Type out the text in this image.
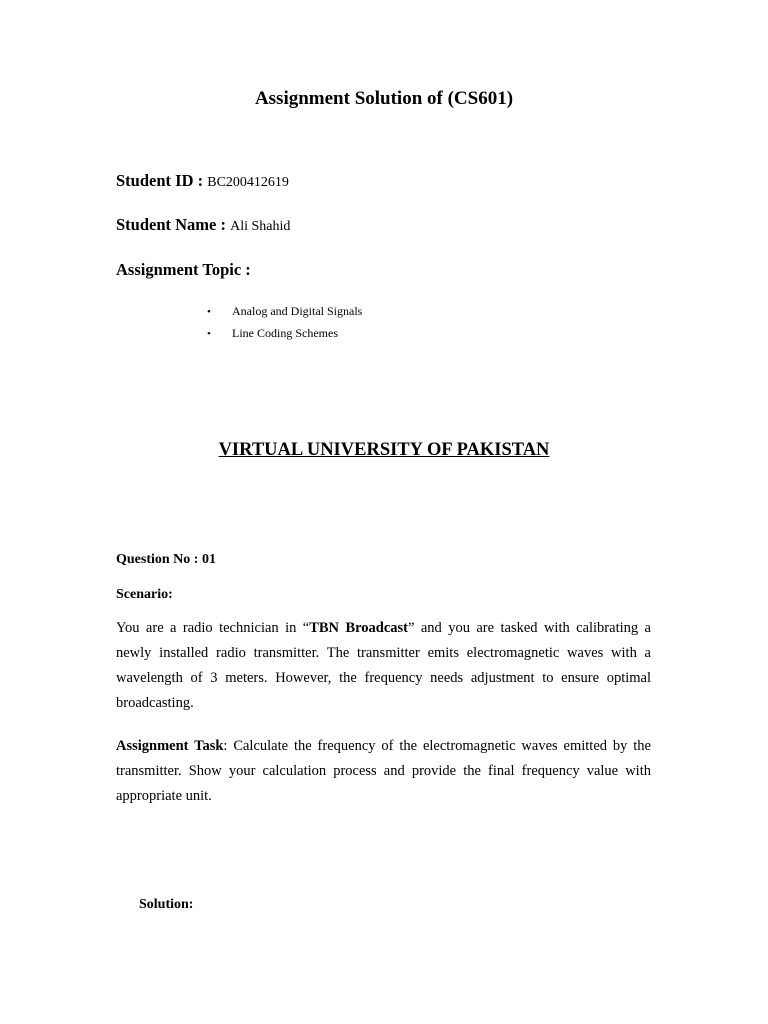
Assignment Solution of (CS601)
Student ID : BC200412619
Student Name : Ali Shahid
Assignment Topic :
• Analog and Digital Signals
• Line Coding Schemes
VIRTUAL UNIVERSITY OF PAKISTAN
Question No : 01
Scenario:
You are a radio technician in “TBN Broadcast” and you are tasked with calibrating a newly installed radio transmitter. The transmitter emits electromagnetic waves with a wavelength of 3 meters. However, the frequency needs adjustment to ensure optimal broadcasting.
Assignment Task: Calculate the frequency of the electromagnetic waves emitted by the transmitter. Show your calculation process and provide the final frequency value with appropriate unit.
Solution:
